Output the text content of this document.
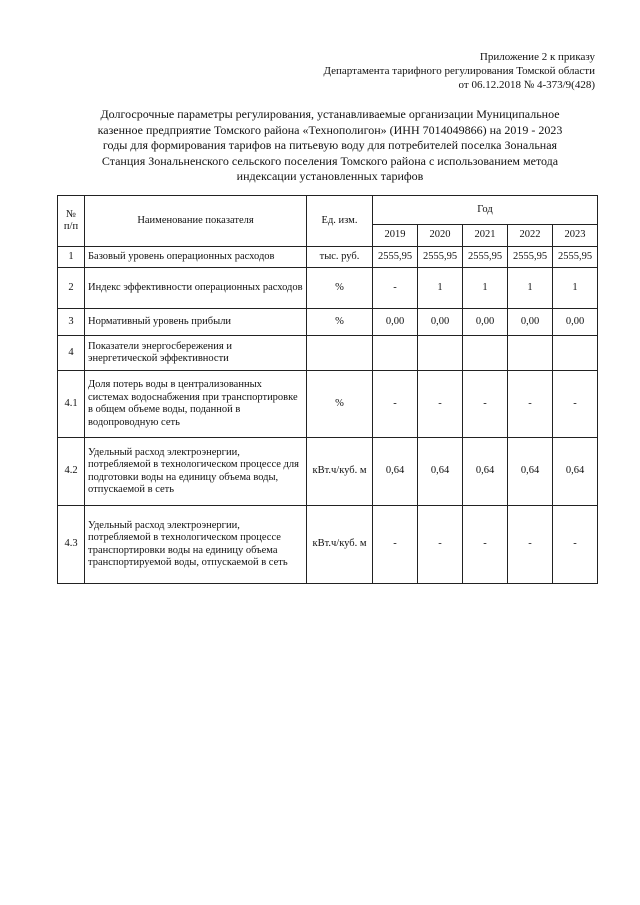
Приложение 2 к приказу
Департамента тарифного регулирования Томской области
от 06.12.2018 № 4-373/9(428)
Долгосрочные параметры регулирования, устанавливаемые организации Муниципальное
казенное предприятие Томского района «Технополигон» (ИНН 7014049866) на 2019 - 2023
годы для формирования тарифов на питьевую воду для потребителей поселка Зональная
Станция Зональненского сельского поселения Томского района с использованием метода
индексации установленных тарифов
№ п/п	Наименование показателя	Ед. изм.	Год				
			2019	2020	2021	2022	2023
1	Базовый уровень операционных расходов	тыс. руб.	2555,95	2555,95	2555,95	2555,95	2555,95
2	Индекс эффективности операционных расходов	%	-	1	1	1	1
3	Нормативный уровень прибыли	%	0,00	0,00	0,00	0,00	0,00
4	Показатели энергосбережения и энергетической эффективности						
4.1	Доля потерь воды в централизованных системах водоснабжения при транспортировке в общем объеме воды, поданной в водопроводную сеть	%	-	-	-	-	-
4.2	Удельный расход электроэнергии, потребляемой в технологическом процессе для подготовки воды на единицу объема воды, отпускаемой в сеть	кВт.ч/куб. м	0,64	0,64	0,64	0,64	0,64
4.3	Удельный расход электроэнергии, потребляемой в технологическом процессе транспортировки воды на единицу объема транспортируемой воды, отпускаемой в сеть	кВт.ч/куб. м	-	-	-	-	-
